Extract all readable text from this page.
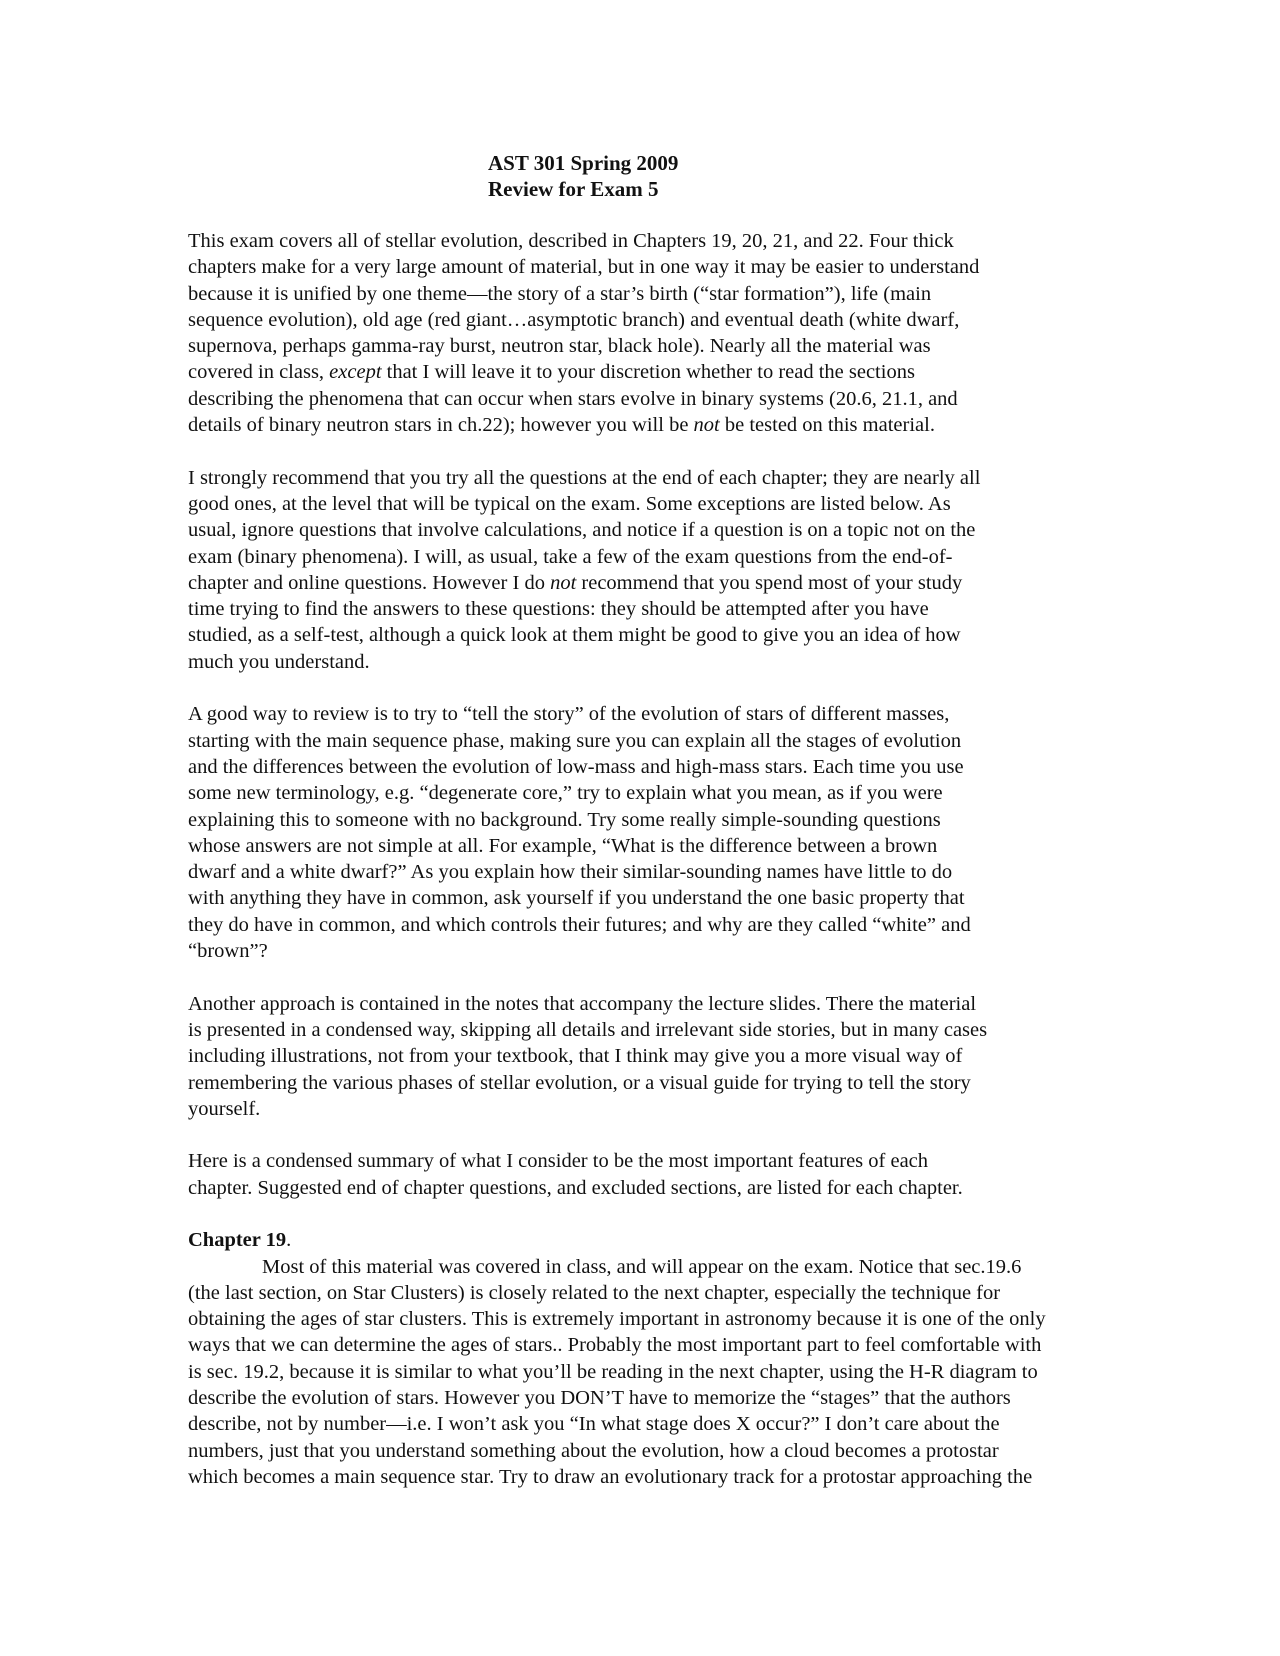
AST 301 Spring 2009
Review for Exam 5
This exam covers all of stellar evolution, described in Chapters 19, 20, 21, and 22. Four thick
chapters make for a very large amount of material, but in one way it may be easier to understand
because it is unified by one theme—the story of a star’s birth (“star formation”), life (main
sequence evolution), old age (red giant…asymptotic branch) and eventual death (white dwarf,
supernova, perhaps gamma-ray burst, neutron star, black hole). Nearly all the material was
covered in class, except that I will leave it to your discretion whether to read the sections
describing the phenomena that can occur when stars evolve in binary systems (20.6, 21.1, and
details of binary neutron stars in ch.22); however you will be not be tested on this material.
I strongly recommend that you try all the questions at the end of each chapter; they are nearly all
good ones, at the level that will be typical on the exam. Some exceptions are listed below. As
usual, ignore questions that involve calculations, and notice if a question is on a topic not on the
exam (binary phenomena). I will, as usual, take a few of the exam questions from the end-of-
chapter and online questions. However I do not recommend that you spend most of your study
time trying to find the answers to these questions: they should be attempted after you have
studied, as a self-test, although a quick look at them might be good to give you an idea of how
much you understand.
A good way to review is to try to “tell the story” of the evolution of stars of different masses,
starting with the main sequence phase, making sure you can explain all the stages of evolution
and the differences between the evolution of low-mass and high-mass stars. Each time you use
some new terminology, e.g. “degenerate core,” try to explain what you mean, as if you were
explaining this to someone with no background. Try some really simple-sounding questions
whose answers are not simple at all. For example, “What is the difference between a brown
dwarf and a white dwarf?” As you explain how their similar-sounding names have little to do
with anything they have in common, ask yourself if you understand the one basic property that
they do have in common, and which controls their futures; and why are they called “white” and
“brown”?
Another approach is contained in the notes that accompany the lecture slides. There the material
is presented in a condensed way, skipping all details and irrelevant side stories, but in many cases
including illustrations, not from your textbook, that I think may give you a more visual way of
remembering the various phases of stellar evolution, or a visual guide for trying to tell the story
yourself.
Here is a condensed summary of what I consider to be the most important features of each
chapter. Suggested end of chapter questions, and excluded sections, are listed for each chapter.
Chapter 19.
Most of this material was covered in class, and will appear on the exam. Notice that sec.19.6
(the last section, on Star Clusters) is closely related to the next chapter, especially the technique for
obtaining the ages of star clusters. This is extremely important in astronomy because it is one of the only
ways that we can determine the ages of stars.. Probably the most important part to feel comfortable with
is sec. 19.2, because it is similar to what you’ll be reading in the next chapter, using the H-R diagram to
describe the evolution of stars. However you DON’T have to memorize the “stages” that the authors
describe, not by number—i.e. I won’t ask you “In what stage does X occur?” I don’t care about the
numbers, just that you understand something about the evolution, how a cloud becomes a protostar
which becomes a main sequence star. Try to draw an evolutionary track for a protostar approaching the
